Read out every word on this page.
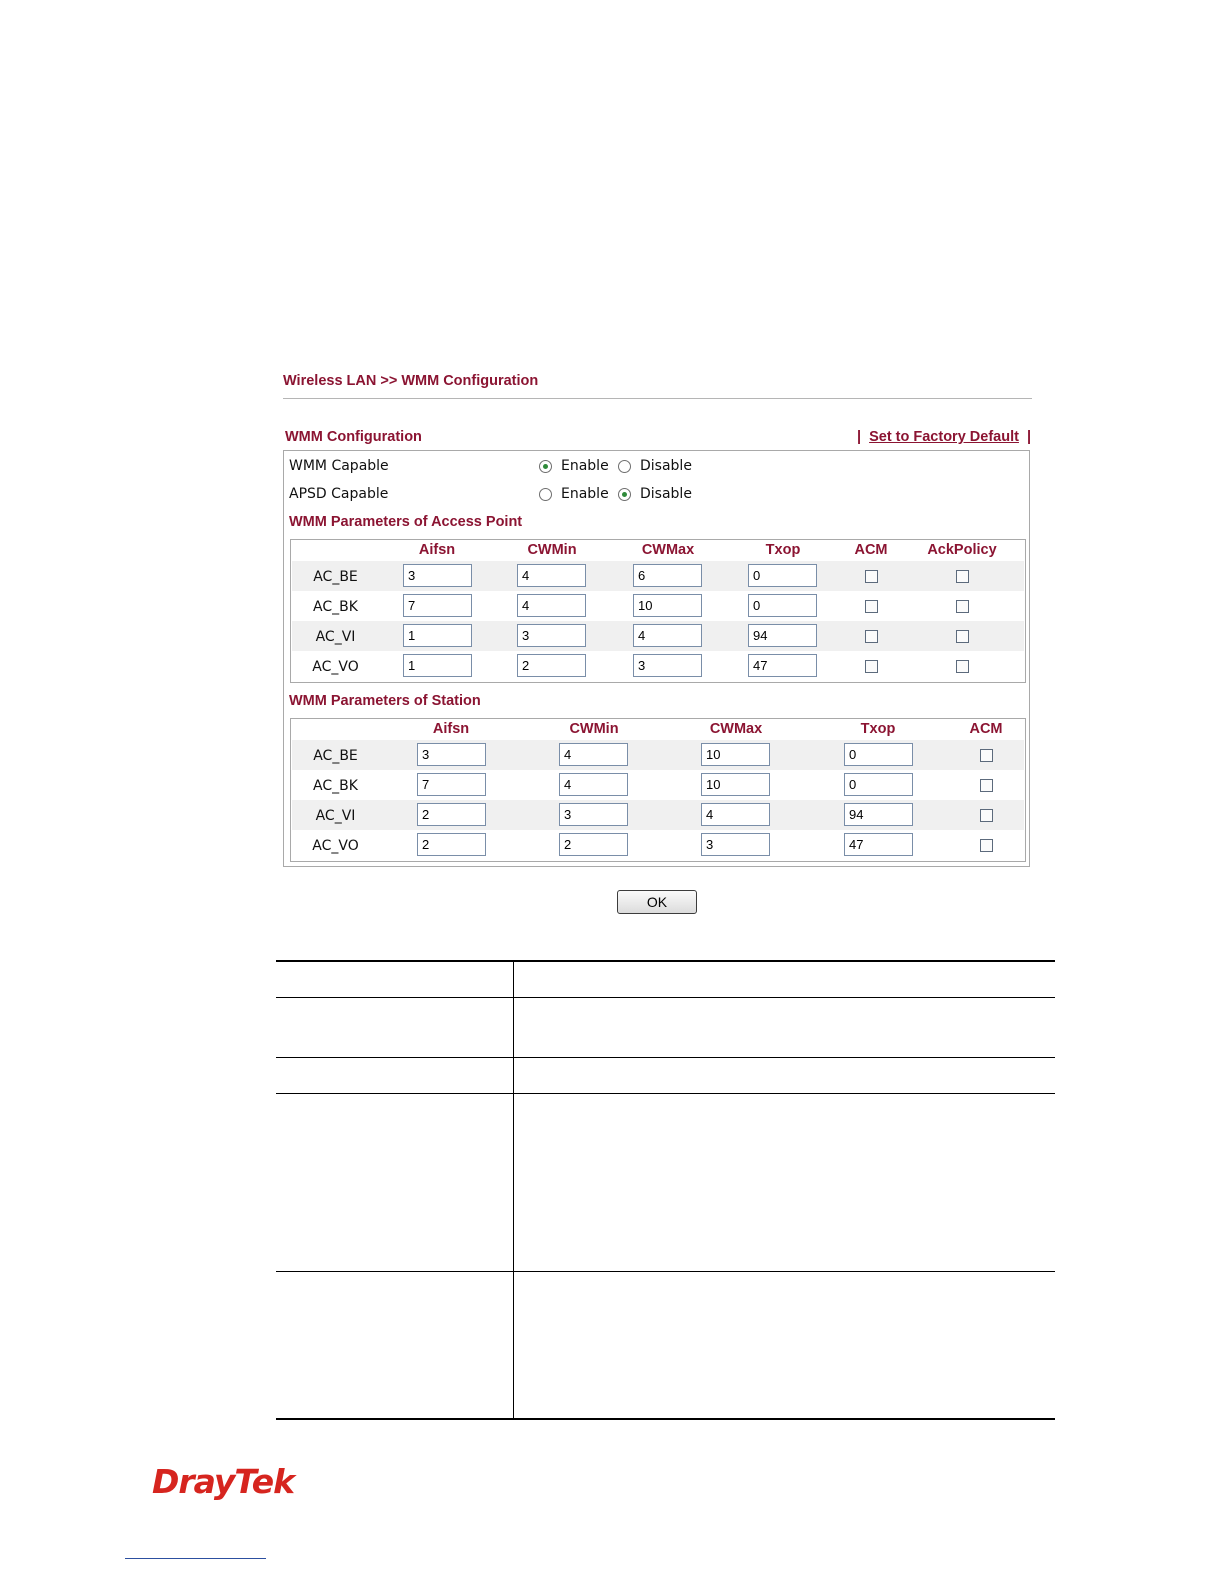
Wireless LAN >> WMM Configuration
WMM Configuration	| Set to Factory Default |
WMM Capable	Enable Disable
APSD Capable	Enable Disable
WMM Parameters of Access Point
Aifsn	CWMin	CWMax	Txop	ACM	AckPolicy
AC_BE	3	4	6	0
AC_BK	7	4	10	0
AC_VI	1	3	4	94
AC_VO	1	2	3	47
WMM Parameters of Station
Aifsn	CWMin	CWMax	Txop	ACM
AC_BE	3	4	10	0
AC_BK	7	4	10	0
AC_VI	2	3	4	94
AC_VO	2	2	3	47
OK
DrayTek
